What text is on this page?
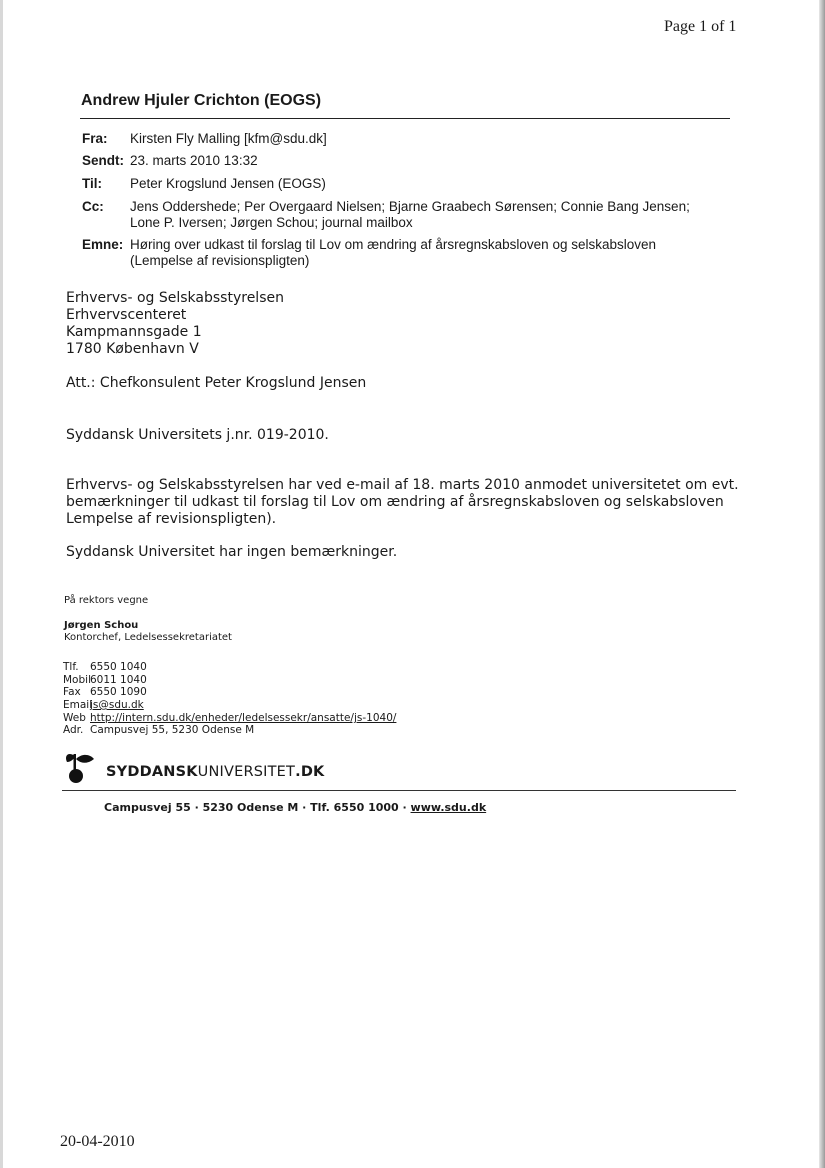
Page 1 of 1
Andrew Hjuler Crichton (EOGS)
Fra: Kirsten Fly Malling [kfm@sdu.dk]
Sendt: 23. marts 2010 13:32
Til: Peter Krogslund Jensen (EOGS)
Cc: Jens Oddershede; Per Overgaard Nielsen; Bjarne Graabech Sørensen; Connie Bang Jensen;
Lone P. Iversen; Jørgen Schou; journal mailbox
Emne: Høring over udkast til forslag til Lov om ændring af årsregnskabsloven og selskabsloven
(Lempelse af revisionspligten)
Erhvervs- og Selskabsstyrelsen
Erhvervscenteret
Kampmannsgade 1
1780 København V
Att.: Chefkonsulent Peter Krogslund Jensen
Syddansk Universitets j.nr. 019-2010.
Erhvervs- og Selskabsstyrelsen har ved e-mail af 18. marts 2010 anmodet universitetet om evt.
bemærkninger til udkast til forslag til Lov om ændring af årsregnskabsloven og selskabsloven
Lempelse af revisionspligten).
Syddansk Universitet har ingen bemærkninger.
På rektors vegne
Jørgen Schou
Kontorchef, Ledelsessekretariatet
Tlf. 6550 1040
Mobil 6011 1040
Fax 6550 1090
Email
js@sdu.dk
Web http://intern.sdu.dk/enheder/ledelsessekr/ansatte/js-1040/
Adr. Campusvej 55, 5230 Odense M
SYDDANSKUNIVERSITET.DK
Campusvej 55 · 5230 Odense M · Tlf. 6550 1000 · www.sdu.dk
20-04-2010
